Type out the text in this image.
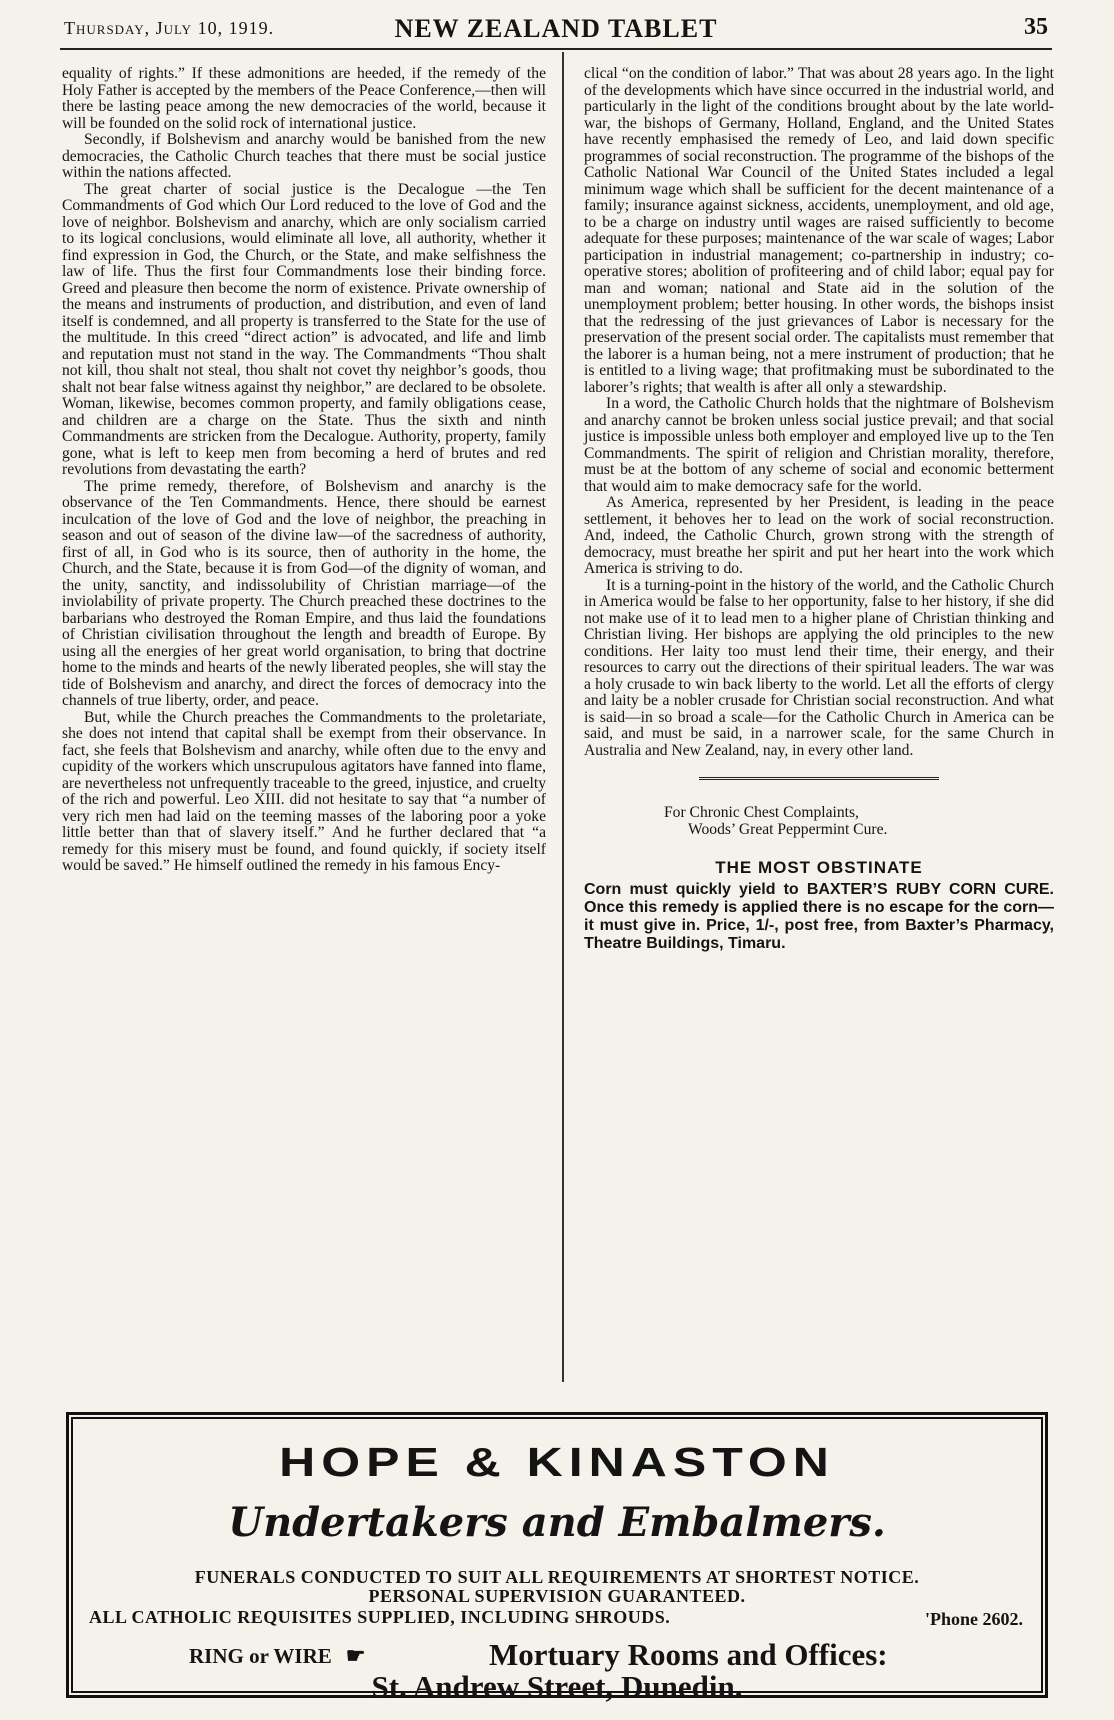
Thursday, July 10, 1919.	NEW ZEALAND TABLET	35

equality of rights.” If these admonitions are heeded, if the remedy of the Holy Father is accepted by the members of the Peace Conference,—then will there be lasting peace among the new democracies of the world, because it will be founded on the solid rock of international justice.

Secondly, if Bolshevism and anarchy would be banished from the new democracies, the Catholic Church teaches that there must be social justice within the nations affected.

The great charter of social justice is the Decalogue —the Ten Commandments of God which Our Lord reduced to the love of God and the love of neighbor. Bolshevism and anarchy, which are only socialism carried to its logical conclusions, would eliminate all love, all authority, whether it find expression in God, the Church, or the State, and make selfishness the law of life. Thus the first four Commandments lose their binding force. Greed and pleasure then become the norm of existence. Private ownership of the means and instruments of production, and distribution, and even of land itself is condemned, and all property is transferred to the State for the use of the multitude. In this creed “direct action” is advocated, and life and limb and reputation must not stand in the way. The Commandments “Thou shalt not kill, thou shalt not steal, thou shalt not covet thy neighbor’s goods, thou shalt not bear false witness against thy neighbor,” are declared to be obsolete. Woman, likewise, becomes common property, and family obligations cease, and children are a charge on the State. Thus the sixth and ninth Commandments are stricken from the Decalogue. Authority, property, family gone, what is left to keep men from becoming a herd of brutes and red revolutions from devastating the earth?

The prime remedy, therefore, of Bolshevism and anarchy is the observance of the Ten Commandments. Hence, there should be earnest inculcation of the love of God and the love of neighbor, the preaching in season and out of season of the divine law—of the sacredness of authority, first of all, in God who is its source, then of authority in the home, the Church, and the State, because it is from God—of the dignity of woman, and the unity, sanctity, and indissolubility of Christian marriage—of the inviolability of private property. The Church preached these doctrines to the barbarians who destroyed the Roman Empire, and thus laid the foundations of Christian civilisation throughout the length and breadth of Europe. By using all the energies of her great world organisation, to bring that doctrine home to the minds and hearts of the newly liberated peoples, she will stay the tide of Bolshevism and anarchy, and direct the forces of democracy into the channels of true liberty, order, and peace.

But, while the Church preaches the Commandments to the proletariate, she does not intend that capital shall be exempt from their observance. In fact, she feels that Bolshevism and anarchy, while often due to the envy and cupidity of the workers which unscrupulous agitators have fanned into flame, are nevertheless not unfrequently traceable to the greed, injustice, and cruelty of the rich and powerful. Leo XIII. did not hesitate to say that “a number of very rich men had laid on the teeming masses of the laboring poor a yoke little better than that of slavery itself.” And he further declared that “a remedy for this misery must be found, and found quickly, if society itself would be saved.” He himself outlined the remedy in his famous Ency-

clical “on the condition of labor.” That was about 28 years ago. In the light of the developments which have since occurred in the industrial world, and particularly in the light of the conditions brought about by the late world-war, the bishops of Germany, Holland, England, and the United States have recently emphasised the remedy of Leo, and laid down specific programmes of social reconstruction. The programme of the bishops of the Catholic National War Council of the United States included a legal minimum wage which shall be sufficient for the decent maintenance of a family; insurance against sickness, accidents, unemployment, and old age, to be a charge on industry until wages are raised sufficiently to become adequate for these purposes; maintenance of the war scale of wages; Labor participation in industrial management; co-partnership in industry; co-operative stores; abolition of profiteering and of child labor; equal pay for man and woman; national and State aid in the solution of the unemployment problem; better housing. In other words, the bishops insist that the redressing of the just grievances of Labor is necessary for the preservation of the present social order. The capitalists must remember that the laborer is a human being, not a mere instrument of production; that he is entitled to a living wage; that profitmaking must be subordinated to the laborer’s rights; that wealth is after all only a stewardship.

In a word, the Catholic Church holds that the nightmare of Bolshevism and anarchy cannot be broken unless social justice prevail; and that social justice is impossible unless both employer and employed live up to the Ten Commandments. The spirit of religion and Christian morality, therefore, must be at the bottom of any scheme of social and economic betterment that would aim to make democracy safe for the world.

As America, represented by her President, is leading in the peace settlement, it behoves her to lead on the work of social reconstruction. And, indeed, the Catholic Church, grown strong with the strength of democracy, must breathe her spirit and put her heart into the work which America is striving to do.

It is a turning-point in the history of the world, and the Catholic Church in America would be false to her opportunity, false to her history, if she did not make use of it to lead men to a higher plane of Christian thinking and Christian living. Her bishops are applying the old principles to the new conditions. Her laity too must lend their time, their energy, and their resources to carry out the directions of their spiritual leaders. The war was a holy crusade to win back liberty to the world. Let all the efforts of clergy and laity be a nobler crusade for Christian social reconstruction. And what is said—in so broad a scale—for the Catholic Church in America can be said, and must be said, in a narrower scale, for the same Church in Australia and New Zealand, nay, in every other land.

For Chronic Chest Complaints,
Woods’ Great Peppermint Cure.
THE MOST OBSTINATE
Corn must quickly yield to BAXTER’S RUBY CORN CURE. Once this remedy is applied there is no escape for the corn—it must give in. Price, 1/-, post free, from Baxter’s Pharmacy, Theatre Buildings, Timaru.
HOPE & KINASTON
Undertakers and Embalmers.
FUNERALS CONDUCTED TO SUIT ALL REQUIREMENTS AT SHORTEST NOTICE.
PERSONAL SUPERVISION GUARANTEED.
ALL CATHOLIC REQUISITES SUPPLIED, INCLUDING SHROUDS.	'Phone 2602.
RING or WIRE ☛	Mortuary Rooms and Offices:
St. Andrew Street, Dunedin.
